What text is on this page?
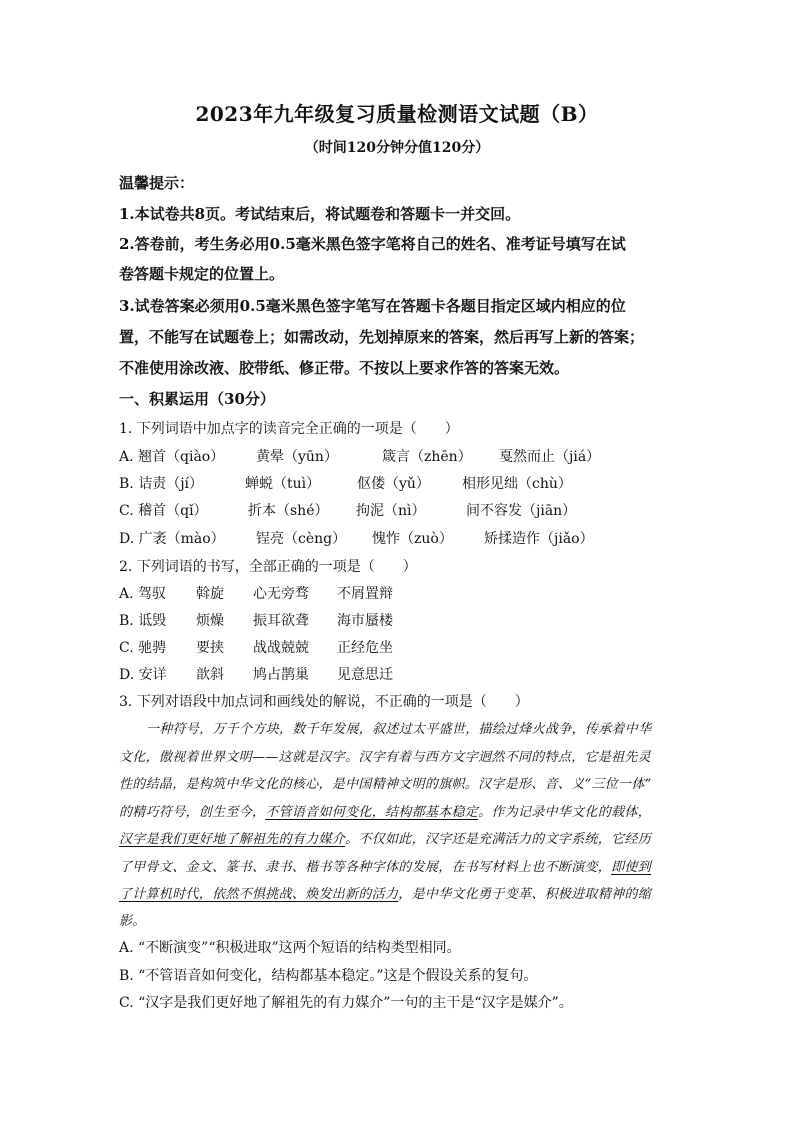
2023年九年级复习质量检测语文试题（B）
（时间120分钟分值120分）
温馨提示：
1.本试卷共8页。考试结束后，将试题卷和答题卡一并交回。
2.答卷前，考生务必用0.5毫米黑色签字笔将自己的姓名、准考证号填写在试
卷答题卡规定的位置上。
3.试卷答案必须用0.5毫米黑色签字笔写在答题卡各题目指定区域内相应的位
置，不能写在试题卷上；如需改动，先划掉原来的答案，然后再写上新的答案；
不准使用涂改液、胶带纸、修正带。不按以上要求作答的答案无效。
一、积累运用（30分）
1. 下列词语中加点字的读音完全正确的一项是（　　）
A. 翘首（qiào） 黄晕（yūn）	箴言（zhēn） 戛然而止（jiá）
B. 诘责（jí）	蝉蜕（tuì）	伛偻（yǔ） 相形见绌（chù）
C. 稽首（qǐ）	折本（shé） 拘泥（nì）	间不容发（jiān）
D. 广袤（mào） 锃亮（cèng） 愧怍（zuò） 矫揉造作（jiǎo）
2. 下列词语的书写，全部正确的一项是（　　）
A. 驾驭 斡旋 心无旁骛 不屑置辩
B. 诋毁 烦燥 振耳欲聋 海市蜃楼
C. 驰骋 要挟 战战兢兢 正经危坐
D. 安详 歆斜 鸠占鹊巢 见意思迁
3. 下列对语段中加点词和画线处的解说，不正确的一项是（　　）
一种符号，万千个方块，数千年发展，叙述过太平盛世，描绘过烽火战争，传承着中华
文化，傲视着世界文明——这就是汉字。汉字有着与西方文字迥然不同的特点，它是祖先灵
性的结晶，是构筑中华文化的核心，是中国精神文明的旗帜。汉字是形、音、义“三位一体”
的精巧符号，创生至今，不管语音如何变化，结构都基本稳定。作为记录中华文化的载体，
汉字是我们更好地了解祖先的有力媒介。不仅如此，汉字还是充满活力的文字系统，它经历
了甲骨文、金文、篆书、隶书、楷书等各种字体的发展，在书写材料上也不断演变，即使到
了计算机时代，依然不惧挑战、焕发出新的活力，是中华文化勇于变革、积极进取精神的缩
影。
A. “不断演变”“积极进取”这两个短语的结构类型相同。
B. “不管语音如何变化，结构都基本稳定。”这是个假设关系的复句。
C. “汉字是我们更好地了解祖先的有力媒介”一句的主干是“汉字是媒介”。
